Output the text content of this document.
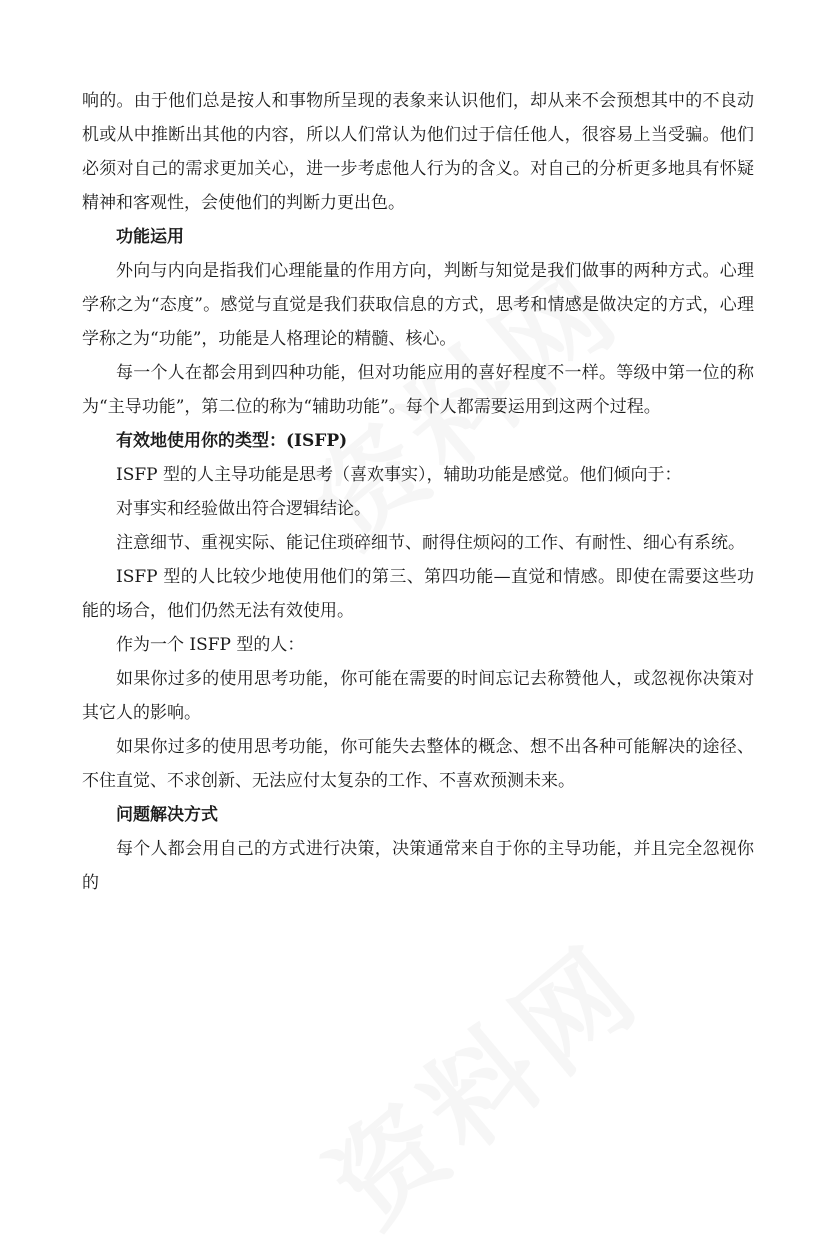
响的。由于他们总是按人和事物所呈现的表象来认识他们，却从来不会预想其中的不良动机或从中推断出其他的内容，所以人们常认为他们过于信任他人，很容易上当受骗。他们必须对自己的需求更加关心，进一步考虑他人行为的含义。对自己的分析更多地具有怀疑精神和客观性，会使他们的判断力更出色。

功能运用

外向与内向是指我们心理能量的作用方向，判断与知觉是我们做事的两种方式。心理学称之为“态度”。感觉与直觉是我们获取信息的方式，思考和情感是做决定的方式，心理学称之为“功能”，功能是人格理论的精髓、核心。

每一个人在都会用到四种功能，但对功能应用的喜好程度不一样。等级中第一位的称为“主导功能”，第二位的称为“辅助功能”。每个人都需要运用到这两个过程。

有效地使用你的类型：(ISFP)

ISFP 型的人主导功能是思考（喜欢事实），辅助功能是感觉。他们倾向于：

对事实和经验做出符合逻辑结论。

注意细节、重视实际、能记住琐碎细节、耐得住烦闷的工作、有耐性、细心有系统。

ISFP 型的人比较少地使用他们的第三、第四功能—直觉和情感。即使在需要这些功能的场合，他们仍然无法有效使用。

作为一个 ISFP 型的人：

如果你过多的使用思考功能，你可能在需要的时间忘记去称赞他人，或忽视你决策对其它人的影响。

如果你过多的使用思考功能，你可能失去整体的概念、想不出各种可能解决的途径、不住直觉、不求创新、无法应付太复杂的工作、不喜欢预测未来。

问题解决方式

每个人都会用自己的方式进行决策，决策通常来自于你的主导功能，并且完全忽视你的
